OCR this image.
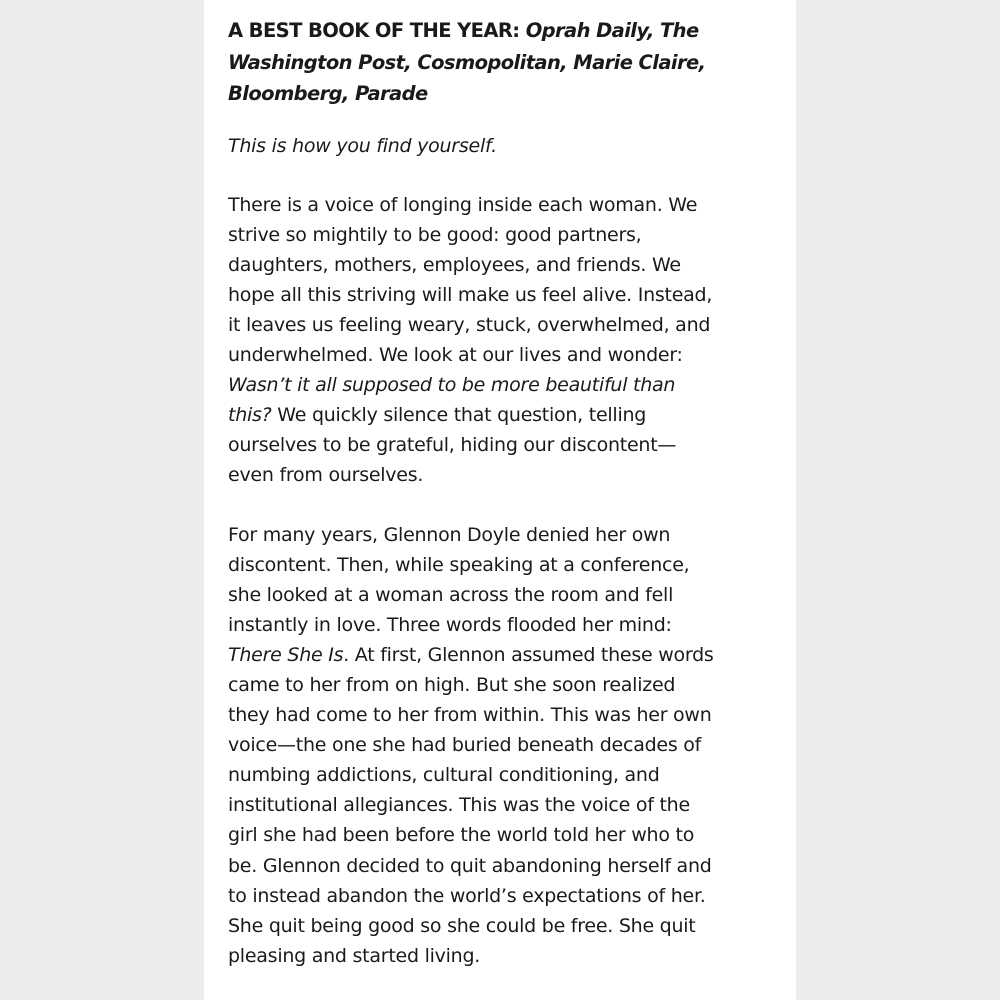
A BEST BOOK OF THE YEAR: Oprah Daily, The
Washington Post, Cosmopolitan, Marie Claire,
Bloomberg, Parade

This is how you find yourself.

There is a voice of longing inside each woman. We
strive so mightily to be good: good partners,
daughters, mothers, employees, and friends. We
hope all this striving will make us feel alive. Instead,
it leaves us feeling weary, stuck, overwhelmed, and
underwhelmed. We look at our lives and wonder:
Wasn’t it all supposed to be more beautiful than
this? We quickly silence that question, telling
ourselves to be grateful, hiding our discontent—
even from ourselves.

For many years, Glennon Doyle denied her own
discontent. Then, while speaking at a conference,
she looked at a woman across the room and fell
instantly in love. Three words flooded her mind:
There She Is. At first, Glennon assumed these words
came to her from on high. But she soon realized
they had come to her from within. This was her own
voice—the one she had buried beneath decades of
numbing addictions, cultural conditioning, and
institutional allegiances. This was the voice of the
girl she had been before the world told her who to
be. Glennon decided to quit abandoning herself and
to instead abandon the world’s expectations of her.
She quit being good so she could be free. She quit
pleasing and started living.
